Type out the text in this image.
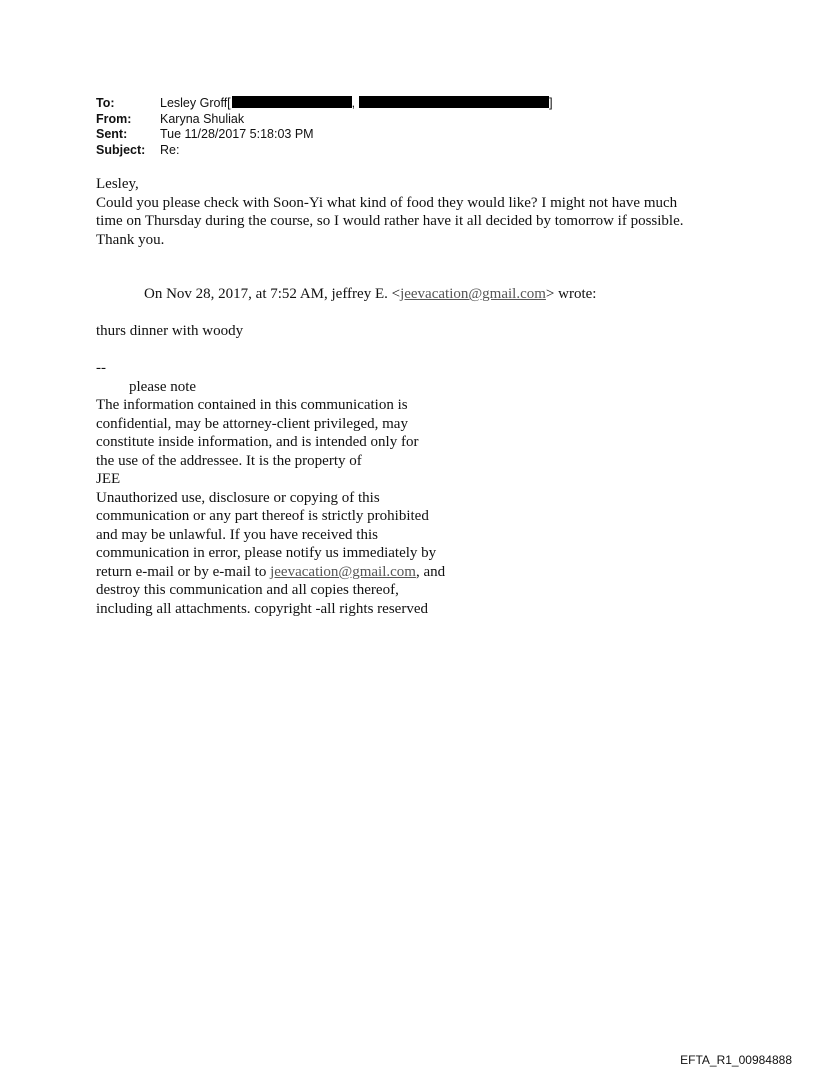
To:	Lesley Groff[	,	]
From:	Karyna Shuliak
Sent:	Tue 11/28/2017 5:18:03 PM
Subject:	Re:
Lesley,
Could you please check with Soon-Yi what kind of food they would like? I might not have much
time on Thursday during the course, so I would rather have it all decided by tomorrow if possible.
Thank you.
On Nov 28, 2017, at 7:52 AM, jeffrey E. <jeevacation@gmail.com> wrote:
thurs dinner with woody
--
please note
The information contained in this communication is
confidential, may be attorney-client privileged, may
constitute inside information, and is intended only for
the use of the addressee. It is the property of
JEE
Unauthorized use, disclosure or copying of this
communication or any part thereof is strictly prohibited
and may be unlawful. If you have received this
communication in error, please notify us immediately by
return e-mail or by e-mail to jeevacation@gmail.com, and
destroy this communication and all copies thereof,
including all attachments. copyright -all rights reserved
EFTA_R1_00984888
